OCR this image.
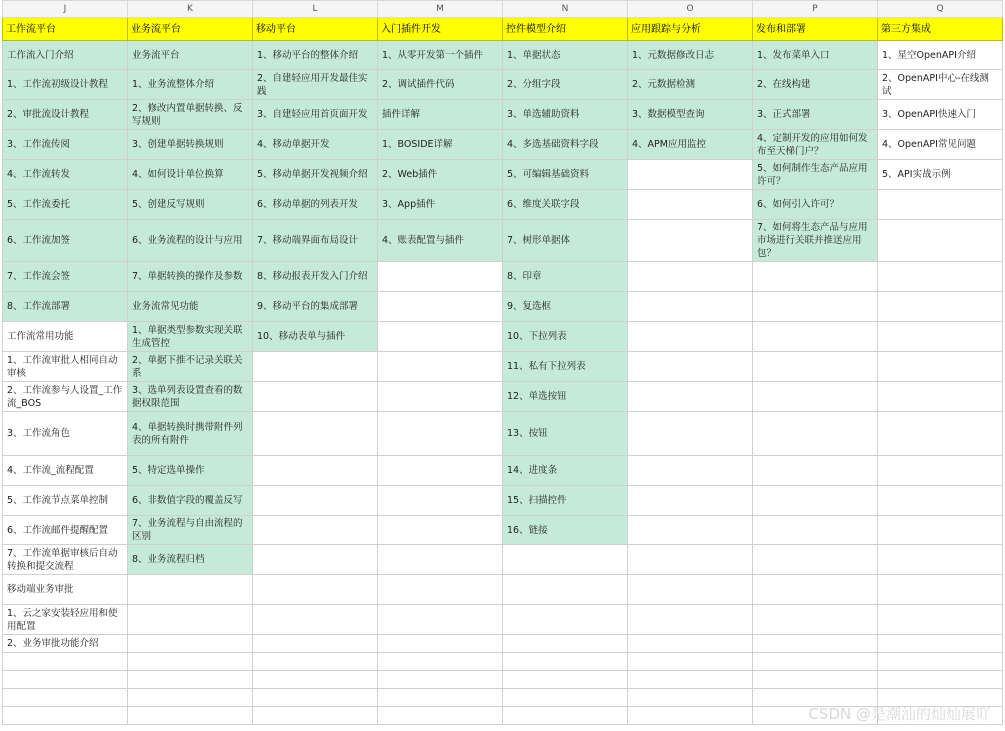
J	K	L	M	N	O	P	Q
工作流平台	业务流平台	移动平台	入门插件开发	控件模型介绍	应用跟踪与分析	发布和部署	第三方集成
工作流入门介绍	业务流平台	1、移动平台的整体介绍	1、从零开发第一个插件	1、单据状态	1、元数据修改日志	1、发布菜单入口	1、星空OpenAPI介绍
1、工作流初级设计教程	1、业务流整体介绍	2、自建轻应用开发最佳实践	2、调试插件代码	2、分组字段	2、元数据检测	2、在线构建	2、OpenAPI中心-在线测试
2、审批流设计教程	2、修改内置单据转换、反写规则	3、自建轻应用首页面开发	插件详解	3、单选辅助资料	3、数据模型查询	3、正式部署	3、OpenAPI快速入门
3、工作流传阅	3、创建单据转换规则	4、移动单据开发	1、BOSIDE详解	4、多选基础资料字段	4、APM应用监控	4、定制开发的应用如何发布至天梯门户？	4、OpenAPI常见问题
4、工作流转发	4、如何设计单位换算	5、移动单据开发视频介绍	2、Web插件	5、可编辑基础资料		5、如何制作生态产品应用许可？	5、API实战示例
5、工作流委托	5、创建反写规则	6、移动单据的列表开发	3、App插件	6、维度关联字段		6、如何引入许可？	
6、工作流加签	6、业务流程的设计与应用	7、移动端界面布局设计	4、账表配置与插件	7、树形单据体		7、如何将生态产品与应用市场进行关联并推送应用包？	
7、工作流会签	7、单据转换的操作及参数	8、移动报表开发入门介绍		8、印章			
8、工作流部署	业务流常见功能	9、移动平台的集成部署		9、复选框			
工作流常用功能	1、单据类型参数实现关联生成管控	10、移动表单与插件		10、下拉列表			
1、工作流审批人相同自动审核	2、单据下推不记录关联关系			11、私有下拉列表			
2、工作流参与人设置_工作流_BOS	3、选单列表设置查看的数据权限范围			12、单选按钮			
3、工作流角色	4、单据转换时携带附件列表的所有附件			13、按钮			
4、工作流_流程配置	5、特定选单操作			14、进度条			
5、工作流节点菜单控制	6、非数值字段的覆盖反写			15、扫描控件			
6、工作流邮件提醒配置	7、业务流程与自由流程的区别			16、链接			
7、工作流单据审核后自动转换和提交流程	8、业务流程归档						
移动端业务审批							
1、云之家安装轻应用和使用配置							
2、业务审批功能介绍							

CSDN @是潮汕的灿灿展吖
